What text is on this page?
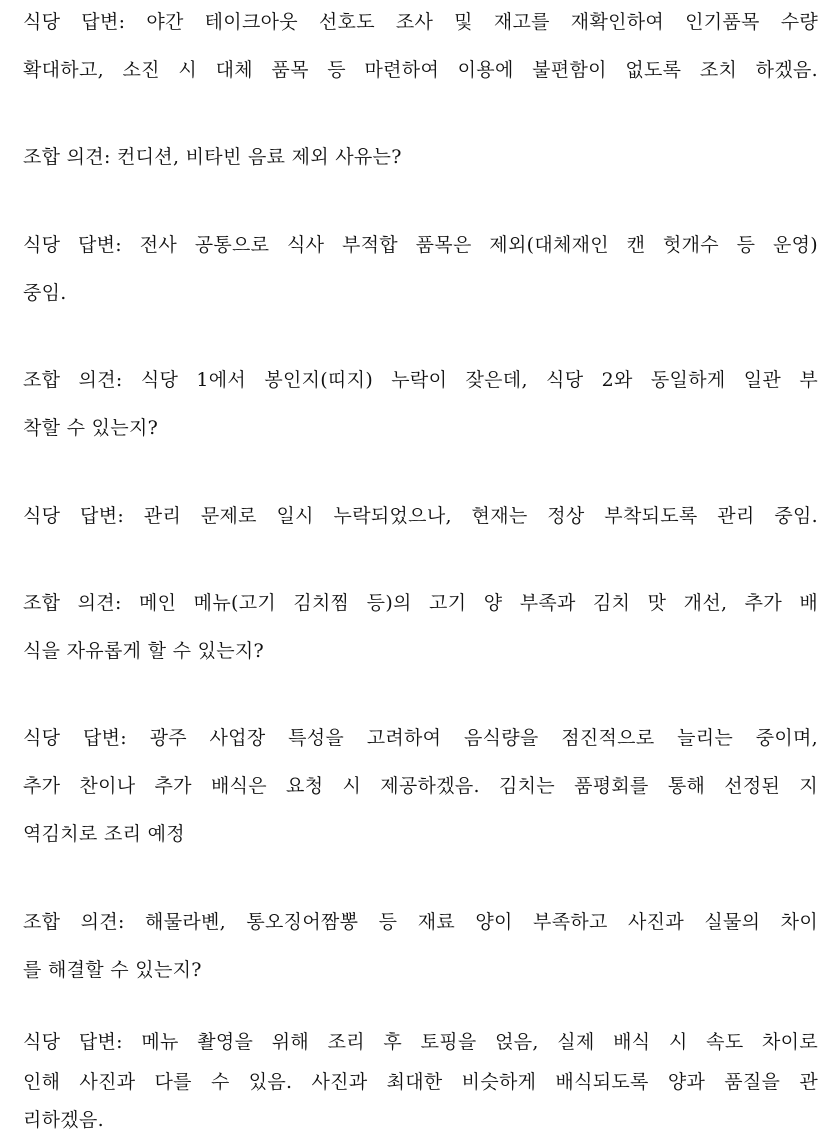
식당 답변: 야간 테이크아웃 선호도 조사 및 재고를 재확인하여 인기품목 수량
확대하고, 소진 시 대체 품목 등 마련하여 이용에 불편함이 없도록 조치 하겠음.
조합 의견: 컨디션, 비타빈 음료 제외 사유는?
식당 답변: 전사 공통으로 식사 부적합 품목은 제외(대체재인 캔 헛개수 등 운영)
중임.
조합 의견: 식당 1에서 봉인지(띠지) 누락이 잦은데, 식당 2와 동일하게 일관 부
착할 수 있는지?
식당 답변: 관리 문제로 일시 누락되었으나, 현재는 정상 부착되도록 관리 중임.
조합 의견: 메인 메뉴(고기 김치찜 등)의 고기 양 부족과 김치 맛 개선, 추가 배
식을 자유롭게 할 수 있는지?
식당 답변: 광주 사업장 특성을 고려하여 음식량을 점진적으로 늘리는 중이며,
추가 찬이나 추가 배식은 요청 시 제공하겠음. 김치는 품평회를 통해 선정된 지
역김치로 조리 예정
조합 의견: 해물라볜, 통오징어짬뽕 등 재료 양이 부족하고 사진과 실물의 차이
를 해결할 수 있는지?
식당 답변: 메뉴 촬영을 위해 조리 후 토핑을 얹음, 실제 배식 시 속도 차이로
인해 사진과 다를 수 있음. 사진과 최대한 비슷하게 배식되도록 양과 품질을 관
리하겠음.
